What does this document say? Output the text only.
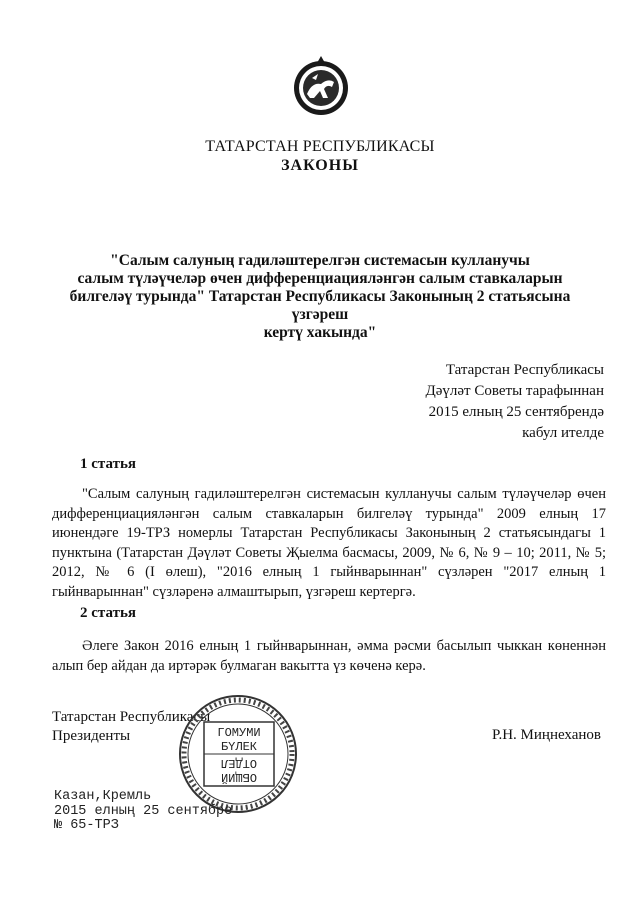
ТАТАРСТАН РЕСПУБЛИКАСЫ
ЗАКОНЫ
"Салым салуның гадиләштерелгән системасын кулланучы
салым түләүчеләр өчен дифференциацияләнгән салым ставкаларын
билгеләү турында" Татарстан Республикасы Законының 2 статьясына үзгәреш
кертү хакында"
Татарстан Республикасы
Дәүләт Советы тарафыннан
2015 елның 25 сентябрендә
кабул ителде
1 статья
"Салым салуның гадиләштерелгән системасын кулланучы салым түләүчеләр өчен дифференциацияләнгән салым ставкаларын билгеләү турында" 2009 елның 17 июнендәге 19-ТРЗ номерлы Татарстан Республикасы Законының 2 статьясындагы 1 пунктына (Татарстан Дәүләт Советы Җыелма басмасы, 2009, № 6, № 9 – 10; 2011, № 5; 2012, № 6 (I өлеш), "2016 елның 1 гыйнварыннан" сүзләрен "2017 елның 1 гыйнварыннан" сүзләренә алмаштырып, үзгәреш кертергә.
2 статья
Әлеге Закон 2016 елның 1 гыйнварыннан, әмма рәсми басылып чыккан көненнән алып бер айдан да иртәрәк булмаган вакытта үз көченә керә.
Татарстан Республикасы
Президенты	Р.Н. Миңнеханов
ГОМУМИ
БҮЛЕК
ОБЩИЙ
ОТДЕЛ
Казан,Кремль
2015 елның 25 сентябре
№ 65-ТРЗ
